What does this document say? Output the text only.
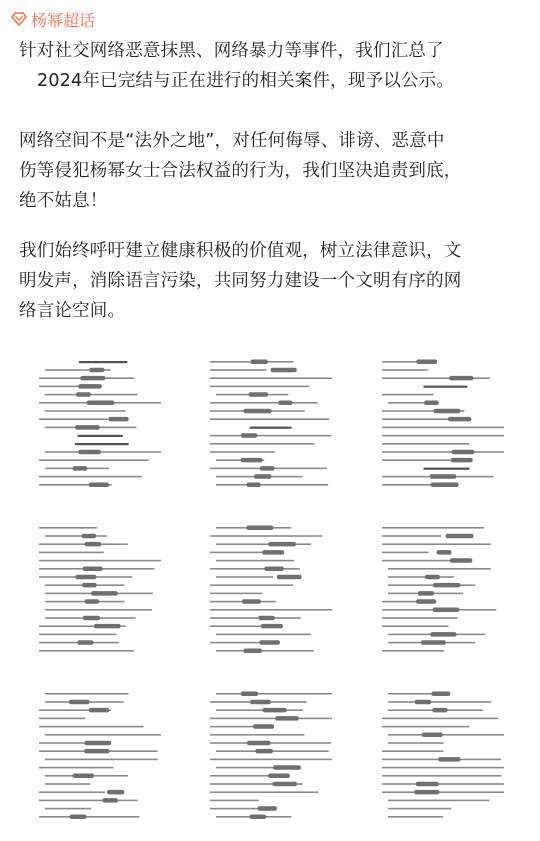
杨幂超话
针对社交网络恶意抹黑、网络暴力等事件，我们汇总了
2024年已完结与正在进行的相关案件，现予以公示。
网络空间不是“法外之地”，对任何侮辱、诽谤、恶意中
伤等侵犯杨幂女士合法权益的行为，我们坚决追责到底，
绝不姑息！
我们始终呼吁建立健康积极的价值观，树立法律意识，文
明发声，消除语言污染，共同努力建设一个文明有序的网
络言论空间。
